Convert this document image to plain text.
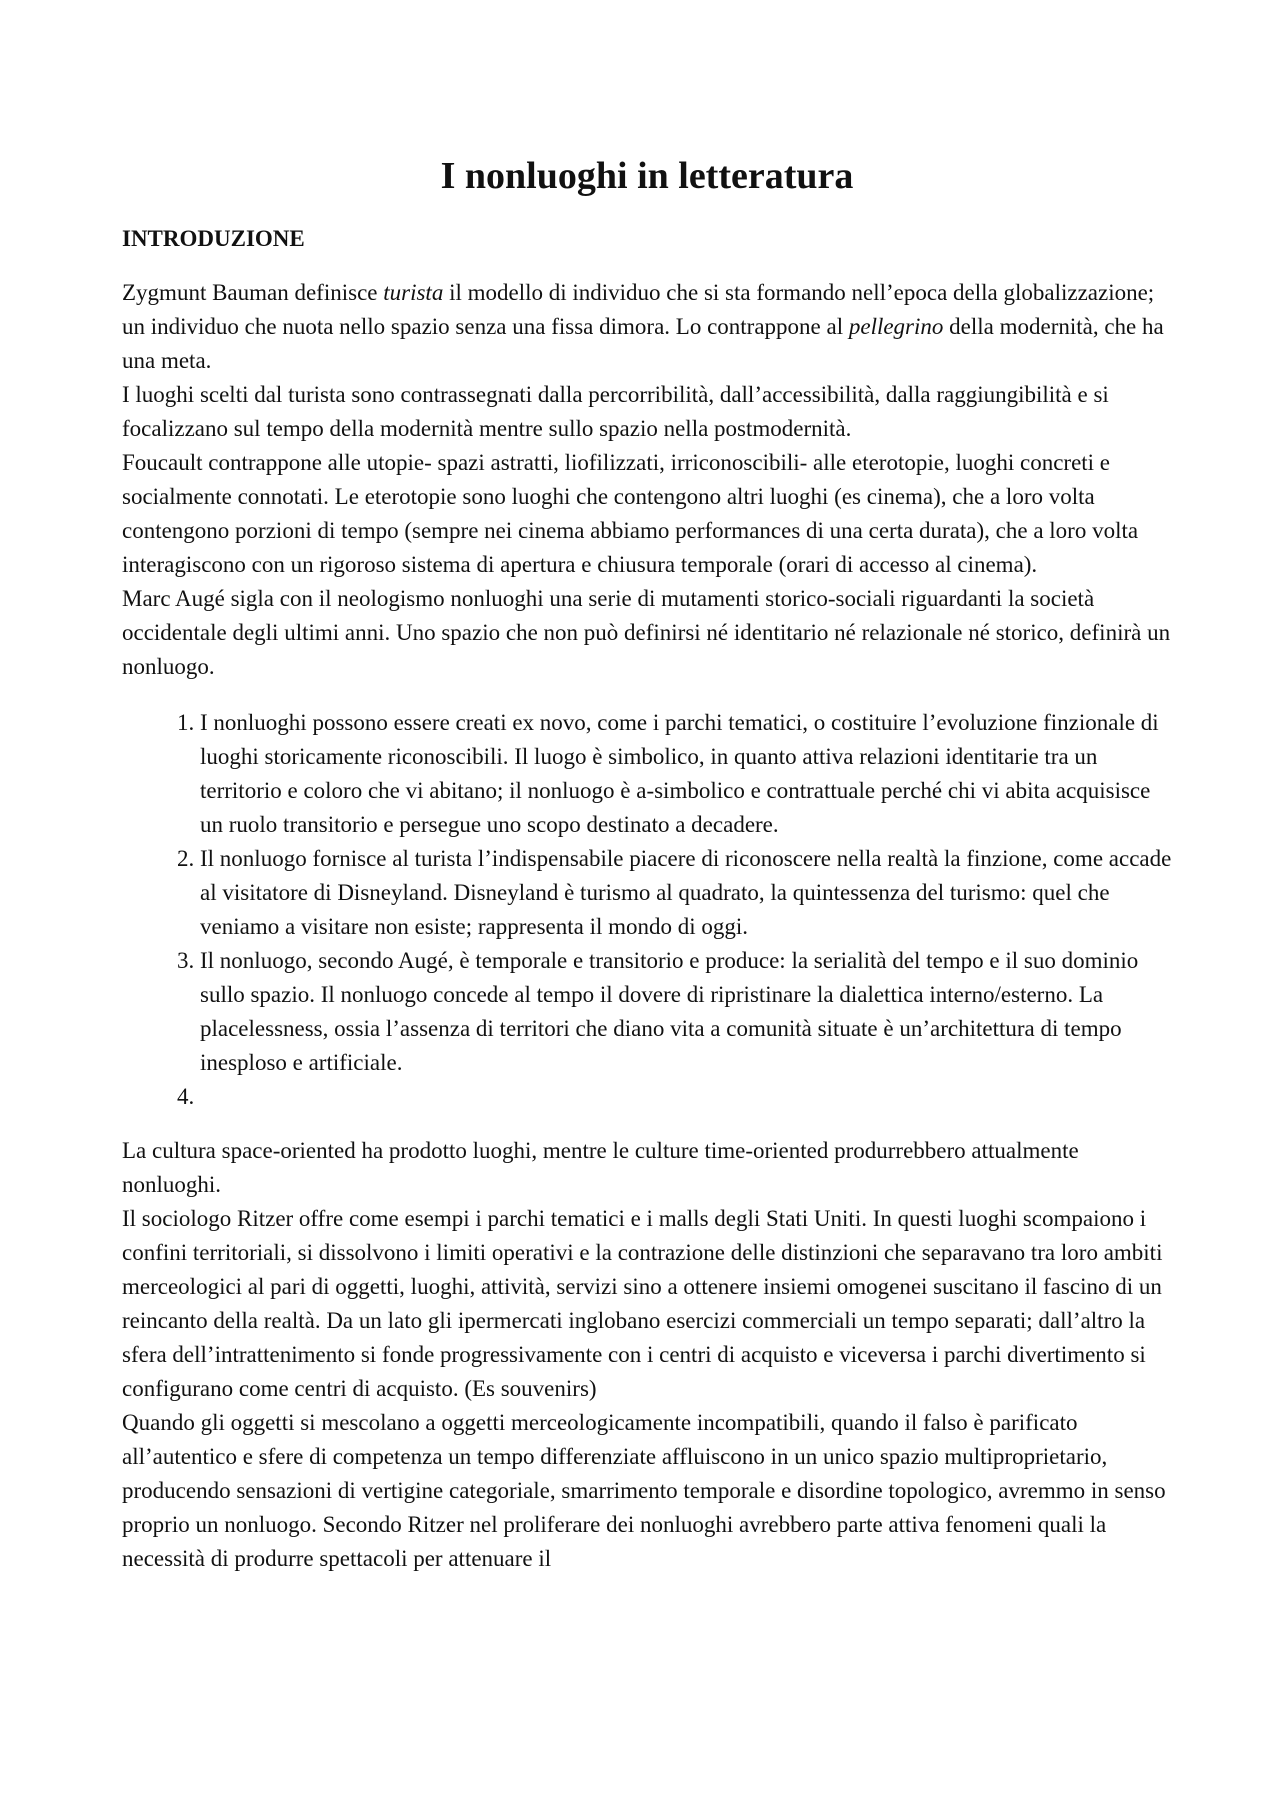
I nonluoghi in letteratura
INTRODUZIONE

Zygmunt Bauman definisce turista il modello di individuo che si sta formando nell’epoca della globalizzazione; un individuo che nuota nello spazio senza una fissa dimora. Lo contrappone al pellegrino della modernità, che ha una meta.

I luoghi scelti dal turista sono contrassegnati dalla percorribilità, dall’accessibilità, dalla raggiungibilità e si focalizzano sul tempo della modernità mentre sullo spazio nella postmodernità.

Foucault contrappone alle utopie- spazi astratti, liofilizzati, irriconoscibili- alle eterotopie, luoghi concreti e socialmente connotati. Le eterotopie sono luoghi che contengono altri luoghi (es cinema), che a loro volta contengono porzioni di tempo (sempre nei cinema abbiamo performances di una certa durata), che a loro volta interagiscono con un rigoroso sistema di apertura e chiusura temporale (orari di accesso al cinema).

Marc Augé sigla con il neologismo nonluoghi una serie di mutamenti storico-sociali riguardanti la società occidentale degli ultimi anni. Uno spazio che non può definirsi né identitario né relazionale né storico, definirà un nonluogo.

1. I nonluoghi possono essere creati ex novo, come i parchi tematici, o costituire l’evoluzione finzionale di luoghi storicamente riconoscibili. Il luogo è simbolico, in quanto attiva relazioni identitarie tra un territorio e coloro che vi abitano; il nonluogo è a-simbolico e contrattuale perché chi vi abita acquisisce un ruolo transitorio e persegue uno scopo destinato a decadere.
2. Il nonluogo fornisce al turista l’indispensabile piacere di riconoscere nella realtà la finzione, come accade al visitatore di Disneyland. Disneyland è turismo al quadrato, la quintessenza del turismo: quel che veniamo a visitare non esiste; rappresenta il mondo di oggi.
3. Il nonluogo, secondo Augé, è temporale e transitorio e produce: la serialità del tempo e il suo dominio sullo spazio. Il nonluogo concede al tempo il dovere di ripristinare la dialettica interno/esterno. La placelessness, ossia l’assenza di territori che diano vita a comunità situate è un’architettura di tempo inesploso e artificiale.
4.

La cultura space-oriented ha prodotto luoghi, mentre le culture time-oriented produrrebbero attualmente nonluoghi.

Il sociologo Ritzer offre come esempi i parchi tematici e i malls degli Stati Uniti. In questi luoghi scompaiono i confini territoriali, si dissolvono i limiti operativi e la contrazione delle distinzioni che separavano tra loro ambiti merceologici al pari di oggetti, luoghi, attività, servizi sino a ottenere insiemi omogenei suscitano il fascino di un reincanto della realtà. Da un lato gli ipermercati inglobano esercizi commerciali un tempo separati; dall’altro la sfera dell’intrattenimento si fonde progressivamente con i centri di acquisto e viceversa i parchi divertimento si configurano come centri di acquisto. (Es souvenirs)

Quando gli oggetti si mescolano a oggetti merceologicamente incompatibili, quando il falso è parificato all’autentico e sfere di competenza un tempo differenziate affluiscono in un unico spazio multiproprietario, producendo sensazioni di vertigine categoriale, smarrimento temporale e disordine topologico, avremmo in senso proprio un nonluogo. Secondo Ritzer nel proliferare dei nonluoghi avrebbero parte attiva fenomeni quali la necessità di produrre spettacoli per attenuare il
